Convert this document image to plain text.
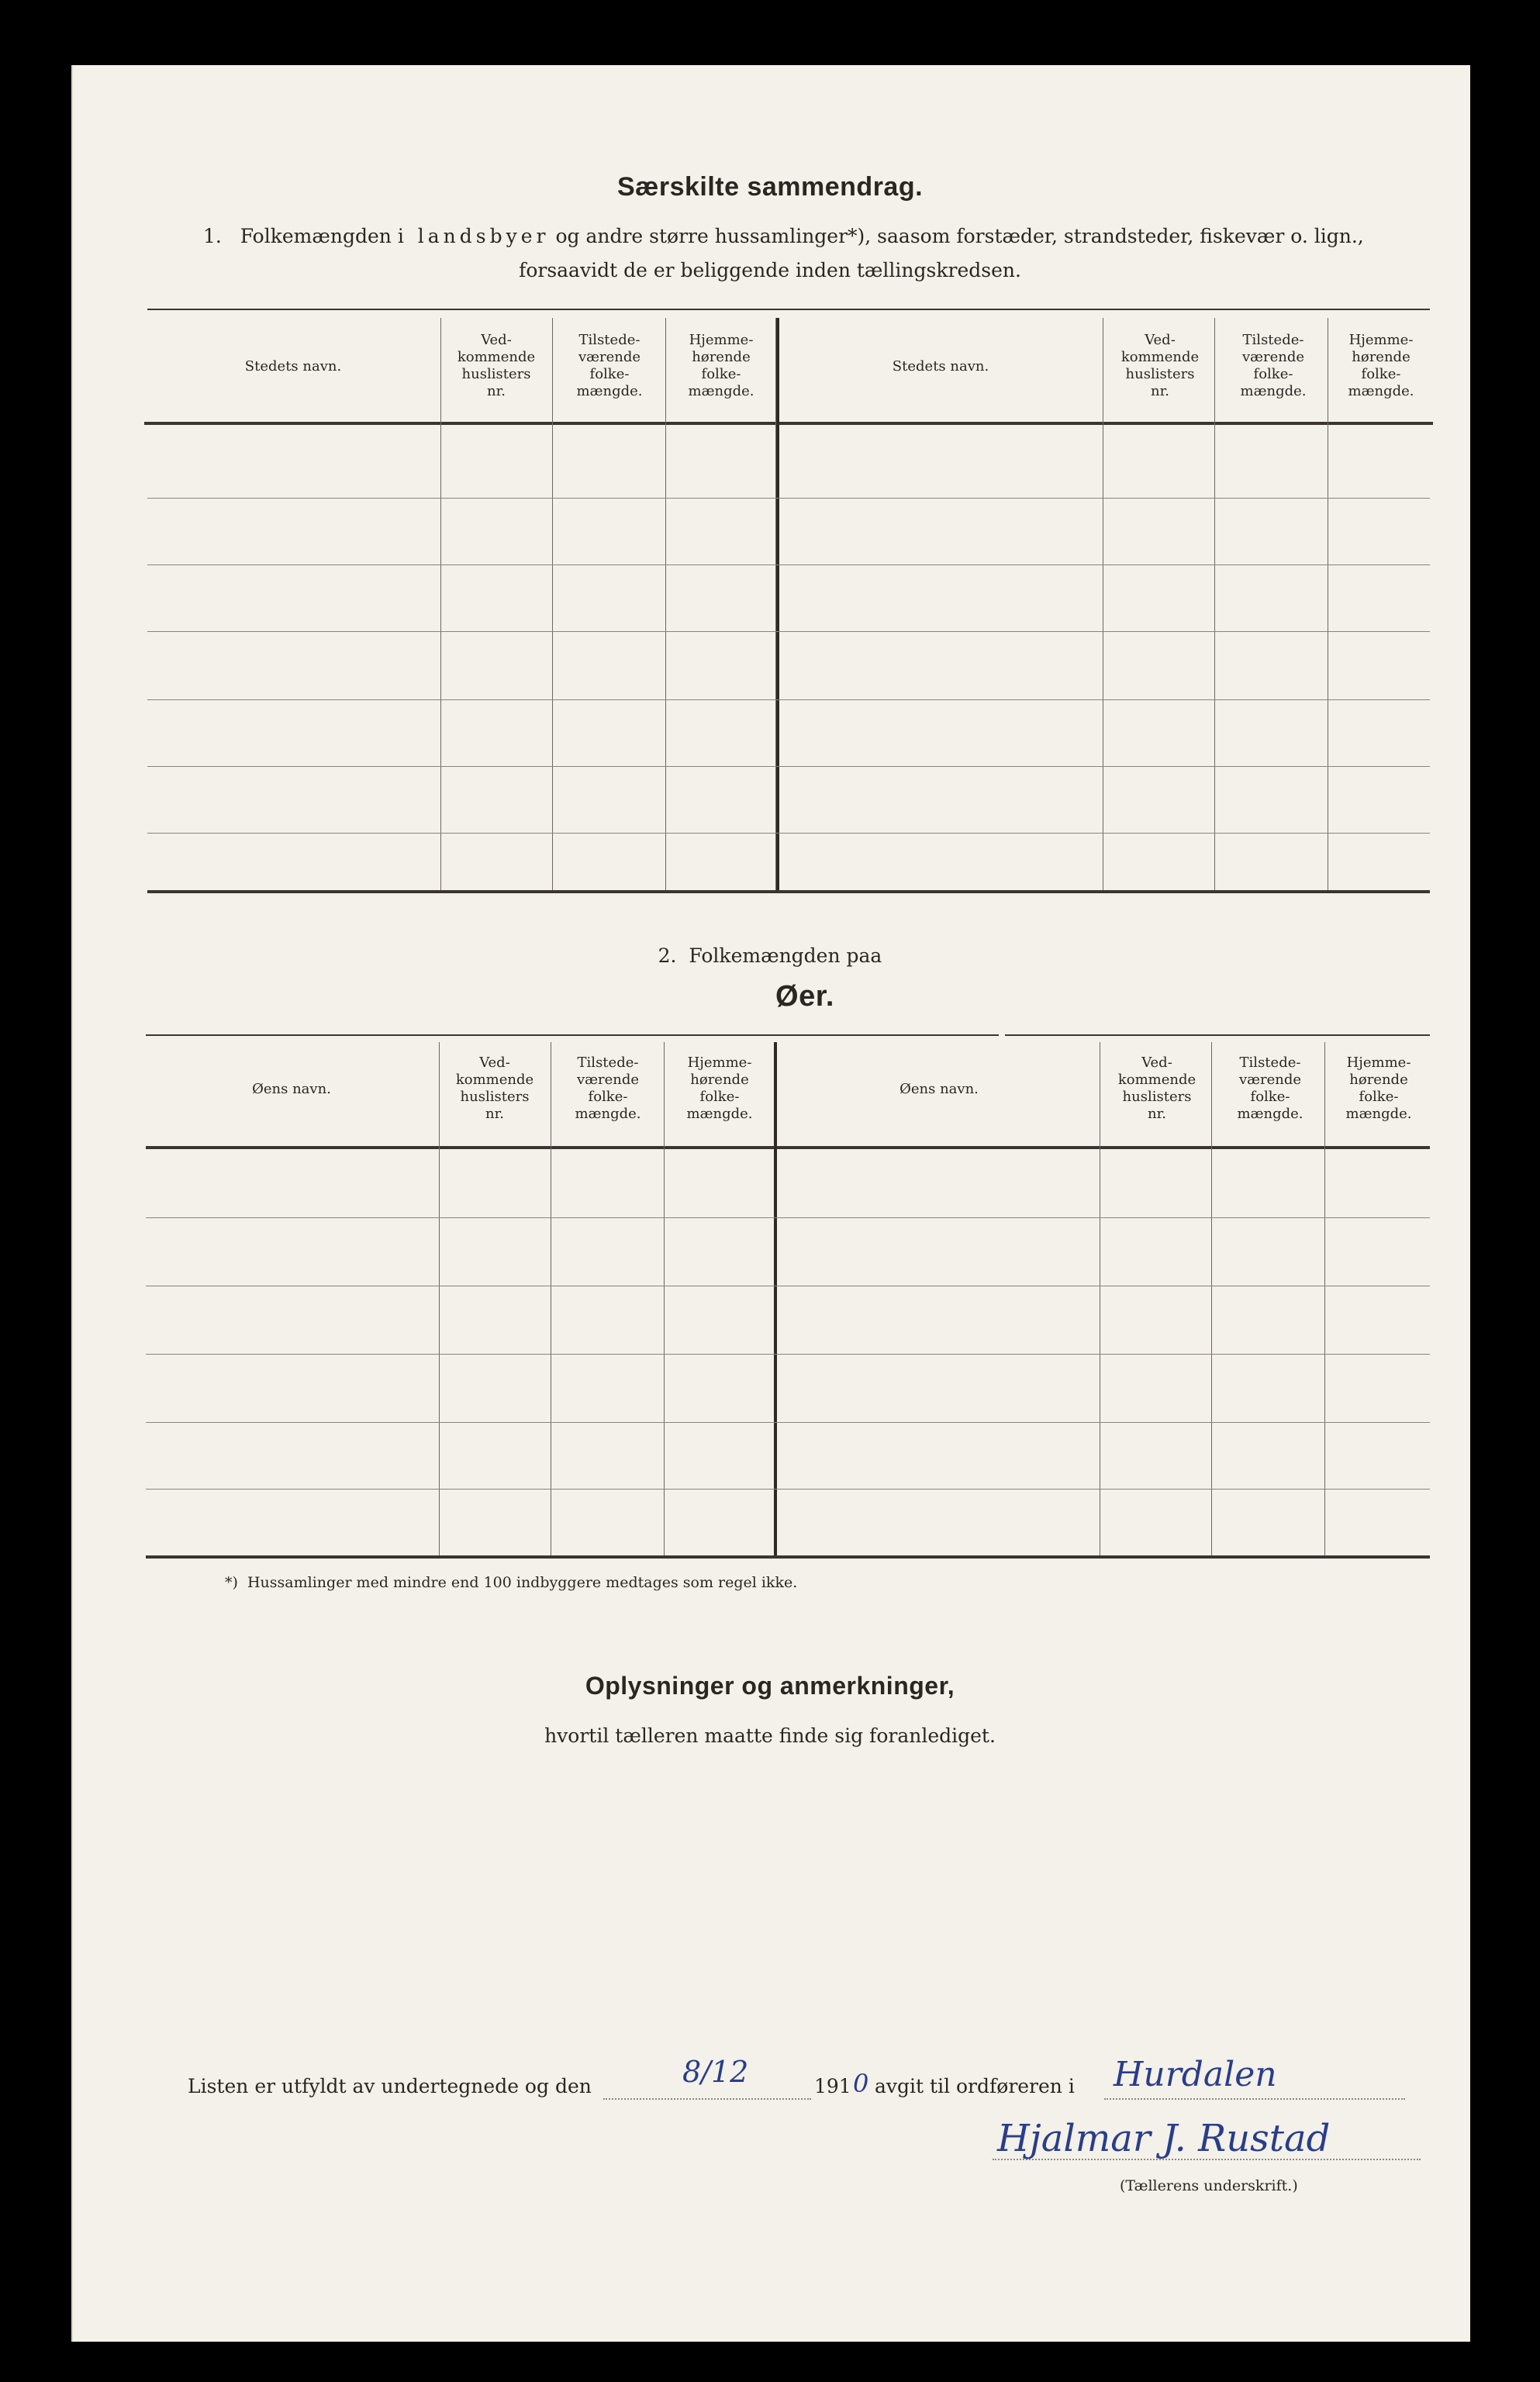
Særskilte sammendrag.
1. Folkemængden i landsbyer og andre større hussamlinger*), saasom forstæder, strandsteder, fiskevær o. lign.,
forsaavidt de er beliggende inden tællingskredsen.
Stedets navn.
Ved-
kommende
huslisters
nr.
Tilstede-
værende
folke-
mængde.
Hjemme-
hørende
folke-
mængde.
Stedets navn.
Ved-
kommende
huslisters
nr.
Tilstede-
værende
folke-
mængde.
Hjemme-
hørende
folke-
mængde.
2.  Folkemængden paa
Øer.
Øens navn.
Ved-
kommende
huslisters
nr.
Tilstede-
værende
folke-
mængde.
Hjemme-
hørende
folke-
mængde.
Øens navn.
Ved-
kommende
huslisters
nr.
Tilstede-
værende
folke-
mængde.
Hjemme-
hørende
folke-
mængde.
*)  Hussamlinger med mindre end 100 indbyggere medtages som regel ikke.
Oplysninger og anmerkninger,
hvortil tælleren maatte finde sig foranlediget.
Listen er utfyldt av undertegnede og den	8/12	191 0 avgit til ordføreren i Hurdalen
Hjalmar J. Rustad
(Tællerens underskrift.)
